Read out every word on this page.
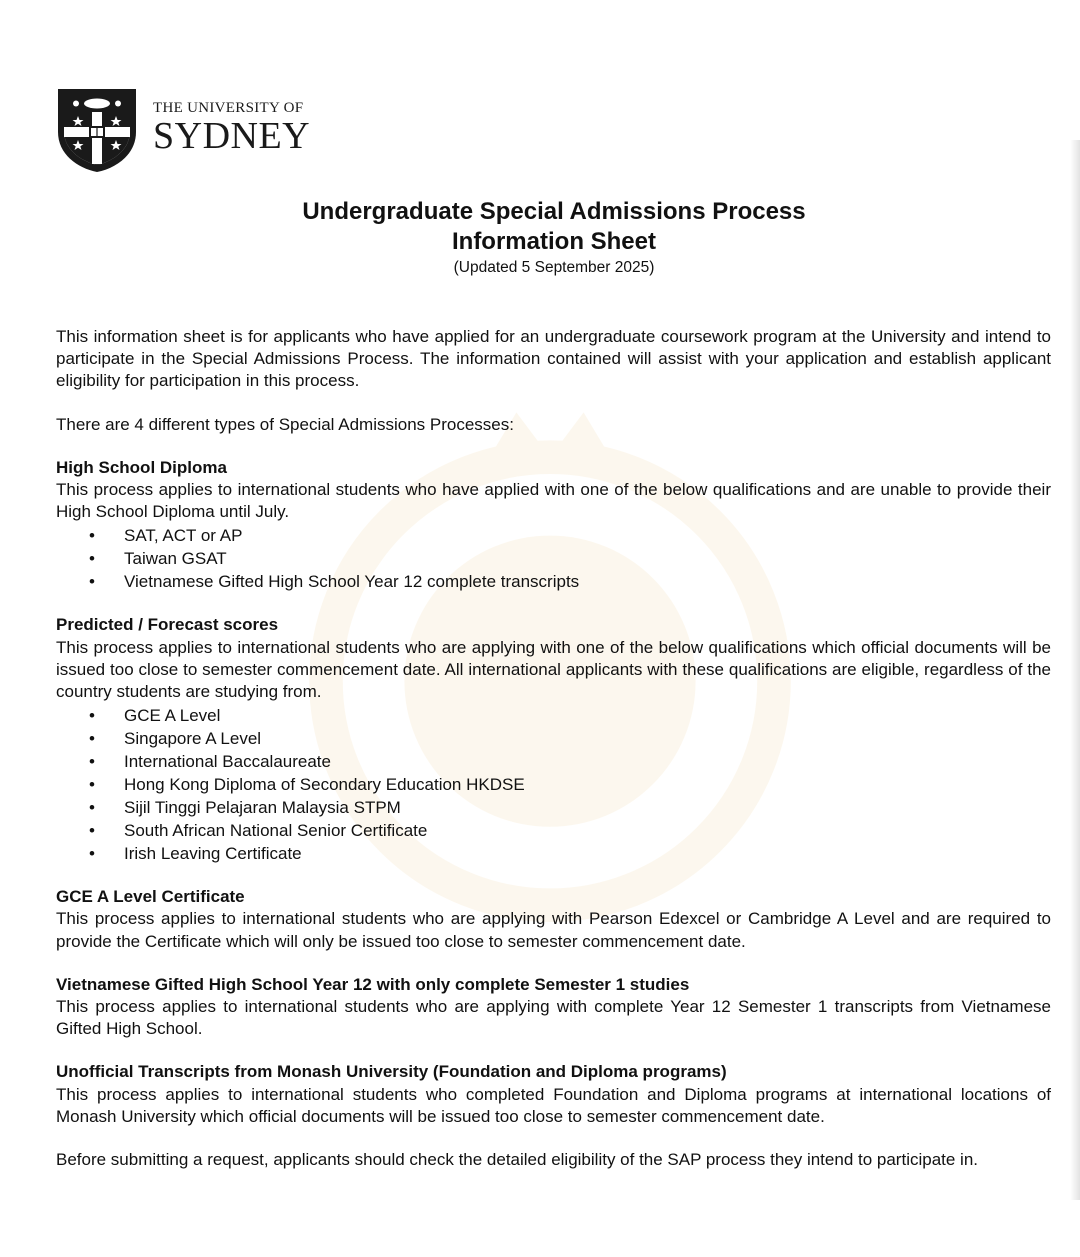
THE UNIVERSITY OF
SYDNEY
Undergraduate Special Admissions Process
Information Sheet
(Updated 5 September 2025)

This information sheet is for applicants who have applied for an undergraduate coursework program at the University and intend to participate in the Special Admissions Process. The information contained will assist with your application and establish applicant eligibility for participation in this process.

There are 4 different types of Special Admissions Processes:

High School Diploma

This process applies to international students who have applied with one of the below qualifications and are unable to provide their High School Diploma until July.

• SAT, ACT or AP
• Taiwan GSAT
• Vietnamese Gifted High School Year 12 complete transcripts

Predicted / Forecast scores

This process applies to international students who are applying with one of the below qualifications which official documents will be issued too close to semester commencement date. All international applicants with these qualifications are eligible, regardless of the country students are studying from.

• GCE A Level
• Singapore A Level
• International Baccalaureate
• Hong Kong Diploma of Secondary Education HKDSE
• Sijil Tinggi Pelajaran Malaysia STPM
• South African National Senior Certificate
• Irish Leaving Certificate

GCE A Level Certificate

This process applies to international students who are applying with Pearson Edexcel or Cambridge A Level and are required to provide the Certificate which will only be issued too close to semester commencement date.

Vietnamese Gifted High School Year 12 with only complete Semester 1 studies

This process applies to international students who are applying with complete Year 12 Semester 1 transcripts from Vietnamese Gifted High School.

Unofficial Transcripts from Monash University (Foundation and Diploma programs)

This process applies to international students who completed Foundation and Diploma programs at international locations of Monash University which official documents will be issued too close to semester commencement date.

Before submitting a request, applicants should check the detailed eligibility of the SAP process they intend to participate in.
